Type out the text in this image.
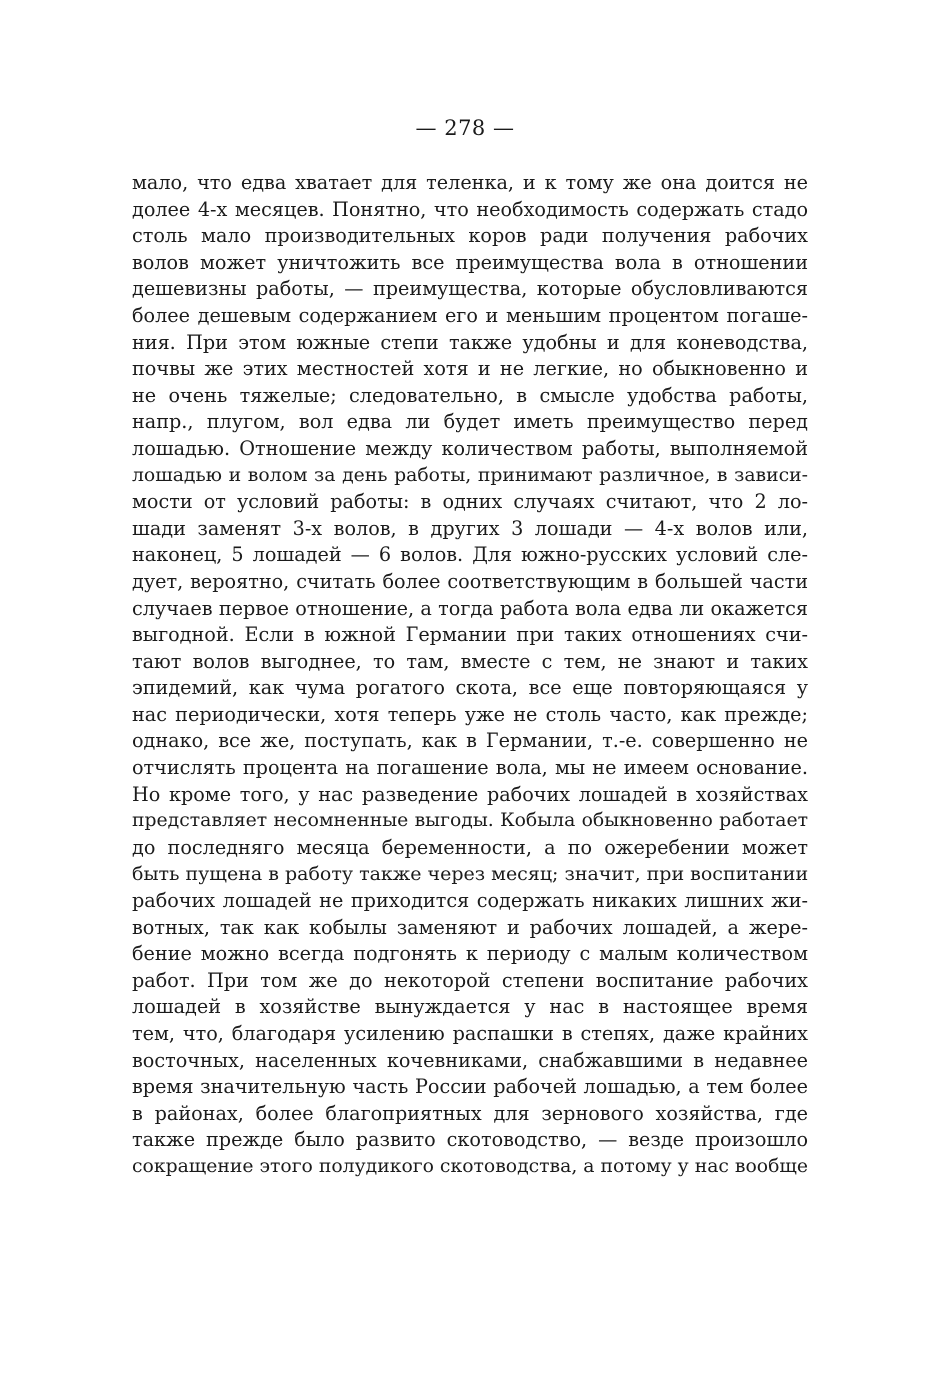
— 278 —
мало, что едва хватает для теленка, и к тому же она доится не
долее 4-х месяцев. Понятно, что необходимость содержать стадо
столь мало производительных коров ради получения рабочих
волов может уничтожить все преимущества вола в отношении
дешевизны работы, — преимущества, которые обусловливаются
более дешевым содержанием его и меньшим процентом погаше-
ния. При этом южные степи также удобны и для коневодства,
почвы же этих местностей хотя и не легкие, но обыкновенно и
не очень тяжелые; следовательно, в смысле удобства работы,
напр., плугом, вол едва ли будет иметь преимущество перед
лошадью. Отношение между количеством работы, выполняемой
лошадью и волом за день работы, принимают различное, в зависи-
мости от условий работы: в одних случаях считают, что 2 ло-
шади заменят 3-х волов, в других 3 лошади — 4-х волов или,
наконец, 5 лошадей — 6 волов. Для южно-русских условий сле-
дует, вероятно, считать более соответствующим в большей части
случаев первое отношение, а тогда работа вола едва ли окажется
выгодной. Если в южной Германии при таких отношениях счи-
тают волов выгоднее, то там, вместе с тем, не знают и таких
эпидемий, как чума рогатого скота, все еще повторяющаяся у
нас периодически, хотя теперь уже не столь часто, как прежде;
однако, все же, поступать, как в Германии, т.-е. совершенно не
отчислять процента на погашение вола, мы не имеем основание.
Но кроме того, у нас разведение рабочих лошадей в хозяйствах
представляет несомненные выгоды. Кобыла обыкновенно работает
до последняго месяца беременности, а по ожеребении может
быть пущена в работу также через месяц; значит, при воспитании
рабочих лошадей не приходится содержать никаких лишних жи-
вотных, так как кобылы заменяют и рабочих лошадей, а жере-
бение можно всегда подгонять к периоду с малым количеством
работ. При том же до некоторой степени воспитание рабочих
лошадей в хозяйстве вынуждается у нас в настоящее время
тем, что, благодаря усилению распашки в степях, даже крайних
восточных, населенных кочевниками, снабжавшими в недавнее
время значительную часть России рабочей лошадью, а тем более
в районах, более благоприятных для зернового хозяйства, где
также прежде было развито скотоводство, — везде произошло
сокращение этого полудикого скотоводства, а потому у нас вообще
